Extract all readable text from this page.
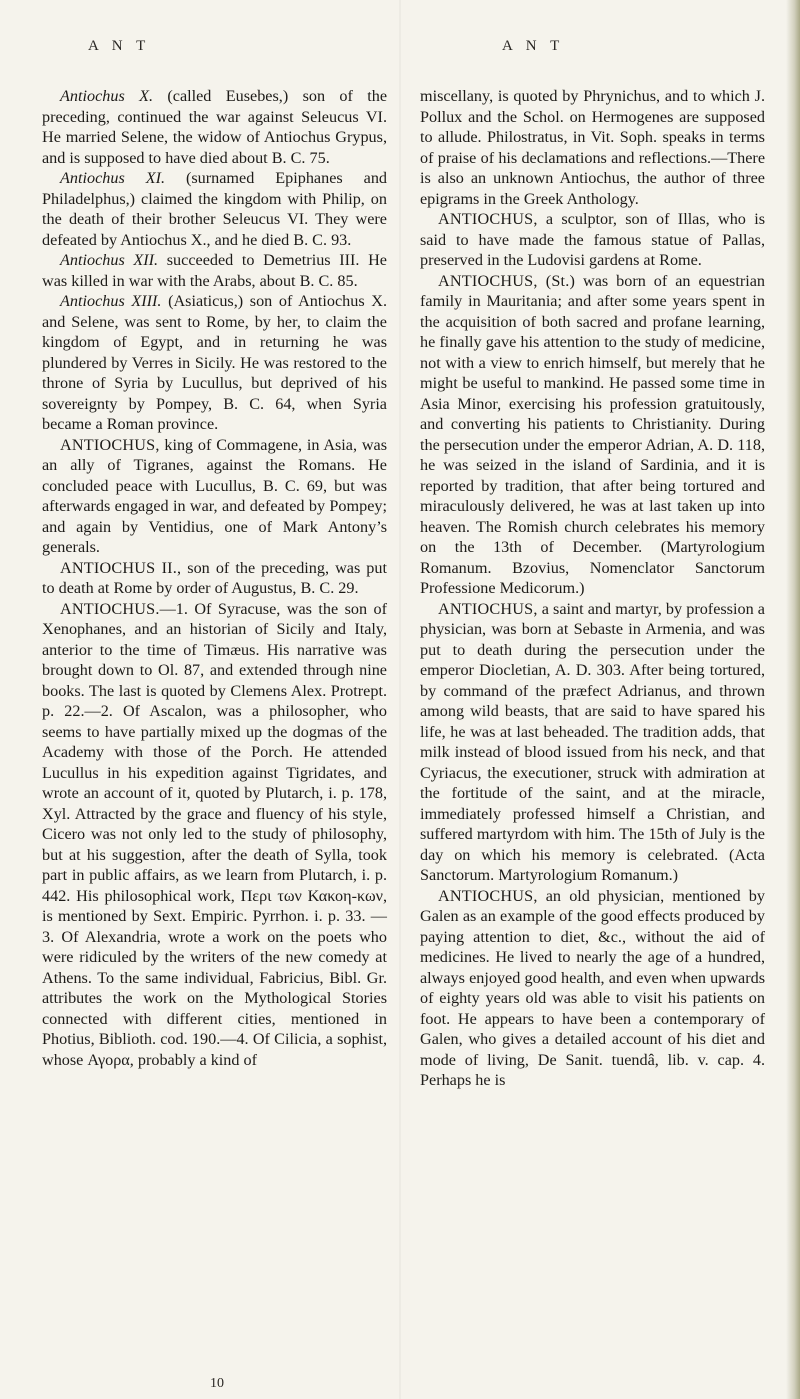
A N T	A N T

Antiochus X. (called Eusebes,) son of the preceding, continued the war against Seleucus VI. He married Selene, the widow of Antiochus Grypus, and is supposed to have died about B. C. 75.

Antiochus XI. (surnamed Epiphanes and Philadelphus,) claimed the kingdom with Philip, on the death of their brother Seleucus VI. They were defeated by Antiochus X., and he died B. C. 93.

Antiochus XII. succeeded to Demetrius III. He was killed in war with the Arabs, about B. C. 85.

Antiochus XIII. (Asiaticus,) son of Antiochus X. and Selene, was sent to Rome, by her, to claim the kingdom of Egypt, and in returning he was plundered by Verres in Sicily. He was restored to the throne of Syria by Lucullus, but deprived of his sovereignty by Pompey, B. C. 64, when Syria became a Roman province.

ANTIOCHUS, king of Commagene, in Asia, was an ally of Tigranes, against the Romans. He concluded peace with Lucullus, B. C. 69, but was afterwards engaged in war, and defeated by Pompey; and again by Ventidius, one of Mark Antony’s generals.

ANTIOCHUS II., son of the preceding, was put to death at Rome by order of Augustus, B. C. 29.

ANTIOCHUS.—1. Of Syracuse, was the son of Xenophanes, and an historian of Sicily and Italy, anterior to the time of Timæus. His narrative was brought down to Ol. 87, and extended through nine books. The last is quoted by Clemens Alex. Protrept. p. 22.—2. Of Ascalon, was a philosopher, who seems to have partially mixed up the dogmas of the Academy with those of the Porch. He attended Lucullus in his expedition against Tigridates, and wrote an account of it, quoted by Plutarch, i. p. 178, Xyl. Attracted by the grace and fluency of his style, Cicero was not only led to the study of philosophy, but at his suggestion, after the death of Sylla, took part in public affairs, as we learn from Plutarch, i. p. 442. His philosophical work, Περι των Κακοη-κων, is mentioned by Sext. Empiric. Pyrrhon. i. p. 33. — 3. Of Alexandria, wrote a work on the poets who were ridiculed by the writers of the new comedy at Athens. To the same individual, Fabricius, Bibl. Gr. attributes the work on the Mythological Stories connected with different cities, mentioned in Photius, Biblioth. cod. 190.—4. Of Cilicia, a sophist, whose Αγορα, probably a kind of

miscellany, is quoted by Phrynichus, and to which J. Pollux and the Schol. on Hermogenes are supposed to allude. Philostratus, in Vit. Soph. speaks in terms of praise of his declamations and reflections.—There is also an unknown Antiochus, the author of three epigrams in the Greek Anthology.

ANTIOCHUS, a sculptor, son of Illas, who is said to have made the famous statue of Pallas, preserved in the Ludovisi gardens at Rome.

ANTIOCHUS, (St.) was born of an equestrian family in Mauritania; and after some years spent in the acquisition of both sacred and profane learning, he finally gave his attention to the study of medicine, not with a view to enrich himself, but merely that he might be useful to mankind. He passed some time in Asia Minor, exercising his profession gratuitously, and converting his patients to Christianity. During the persecution under the emperor Adrian, A. D. 118, he was seized in the island of Sardinia, and it is reported by tradition, that after being tortured and miraculously delivered, he was at last taken up into heaven. The Romish church celebrates his memory on the 13th of December. (Martyrologium Romanum. Bzovius, Nomenclator Sanctorum Professione Medicorum.)

ANTIOCHUS, a saint and martyr, by profession a physician, was born at Sebaste in Armenia, and was put to death during the persecution under the emperor Diocletian, A. D. 303. After being tortured, by command of the præfect Adrianus, and thrown among wild beasts, that are said to have spared his life, he was at last beheaded. The tradition adds, that milk instead of blood issued from his neck, and that Cyriacus, the executioner, struck with admiration at the fortitude of the saint, and at the miracle, immediately professed himself a Christian, and suffered martyrdom with him. The 15th of July is the day on which his memory is celebrated. (Acta Sanctorum. Martyrologium Romanum.)

ANTIOCHUS, an old physician, mentioned by Galen as an example of the good effects produced by paying attention to diet, &c., without the aid of medicines. He lived to nearly the age of a hundred, always enjoyed good health, and even when upwards of eighty years old was able to visit his patients on foot. He appears to have been a contemporary of Galen, who gives a detailed account of his diet and mode of living, De Sanit. tuendâ, lib. v. cap. 4. Perhaps he is

10
